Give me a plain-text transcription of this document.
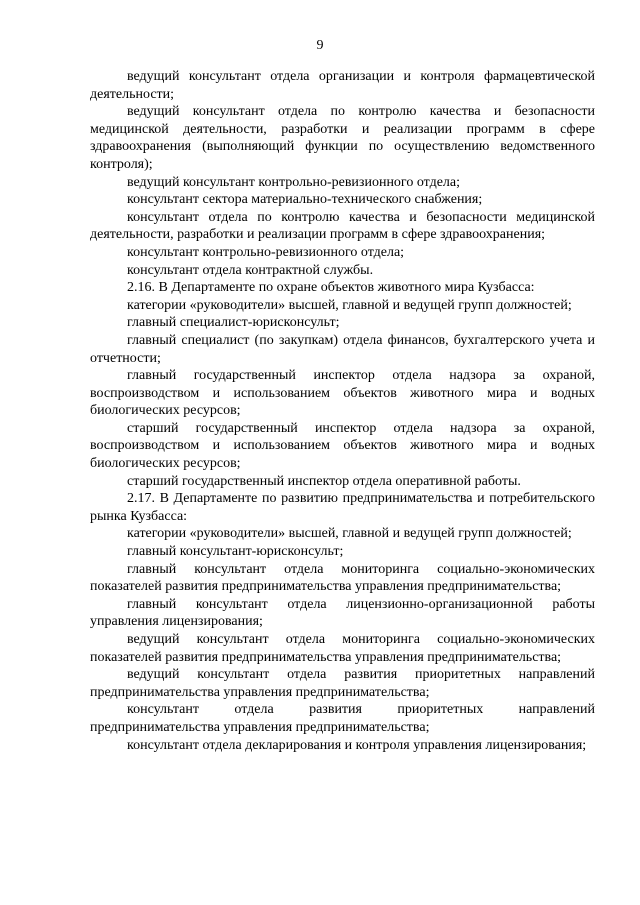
9

ведущий консультант отдела организации и контроля фармацевтической деятельности;

ведущий консультант отдела по контролю качества и безопасности медицинской деятельности, разработки и реализации программ в сфере здравоохранения (выполняющий функции по осуществлению ведомственного контроля);

ведущий консультант контрольно-ревизионного отдела;

консультант сектора материально-технического снабжения;

консультант отдела по контролю качества и безопасности медицинской деятельности, разработки и реализации программ в сфере здравоохранения;

консультант контрольно-ревизионного отдела;

консультант отдела контрактной службы.

2.16. В Департаменте по охране объектов животного мира Кузбасса:

категории «руководители» высшей, главной и ведущей групп должностей;

главный специалист-юрисконсульт;

главный специалист (по закупкам) отдела финансов, бухгалтерского учета и отчетности;

главный государственный инспектор отдела надзора за охраной, воспроизводством и использованием объектов животного мира и водных биологических ресурсов;

старший государственный инспектор отдела надзора за охраной, воспроизводством и использованием объектов животного мира и водных биологических ресурсов;

старший государственный инспектор отдела оперативной работы.

2.17. В Департаменте по развитию предпринимательства и потребительского рынка Кузбасса:

категории «руководители» высшей, главной и ведущей групп должностей;

главный консультант-юрисконсульт;

главный консультант отдела мониторинга социально-экономических показателей развития предпринимательства управления предпринимательства;

главный консультант отдела лицензионно-организационной работы управления лицензирования;

ведущий консультант отдела мониторинга социально-экономических показателей развития предпринимательства управления предпринимательства;

ведущий консультант отдела развития приоритетных направлений предпринимательства управления предпринимательства;

консультант отдела развития приоритетных направлений предпринимательства управления предпринимательства;

консультант отдела декларирования и контроля управления лицензирования;
